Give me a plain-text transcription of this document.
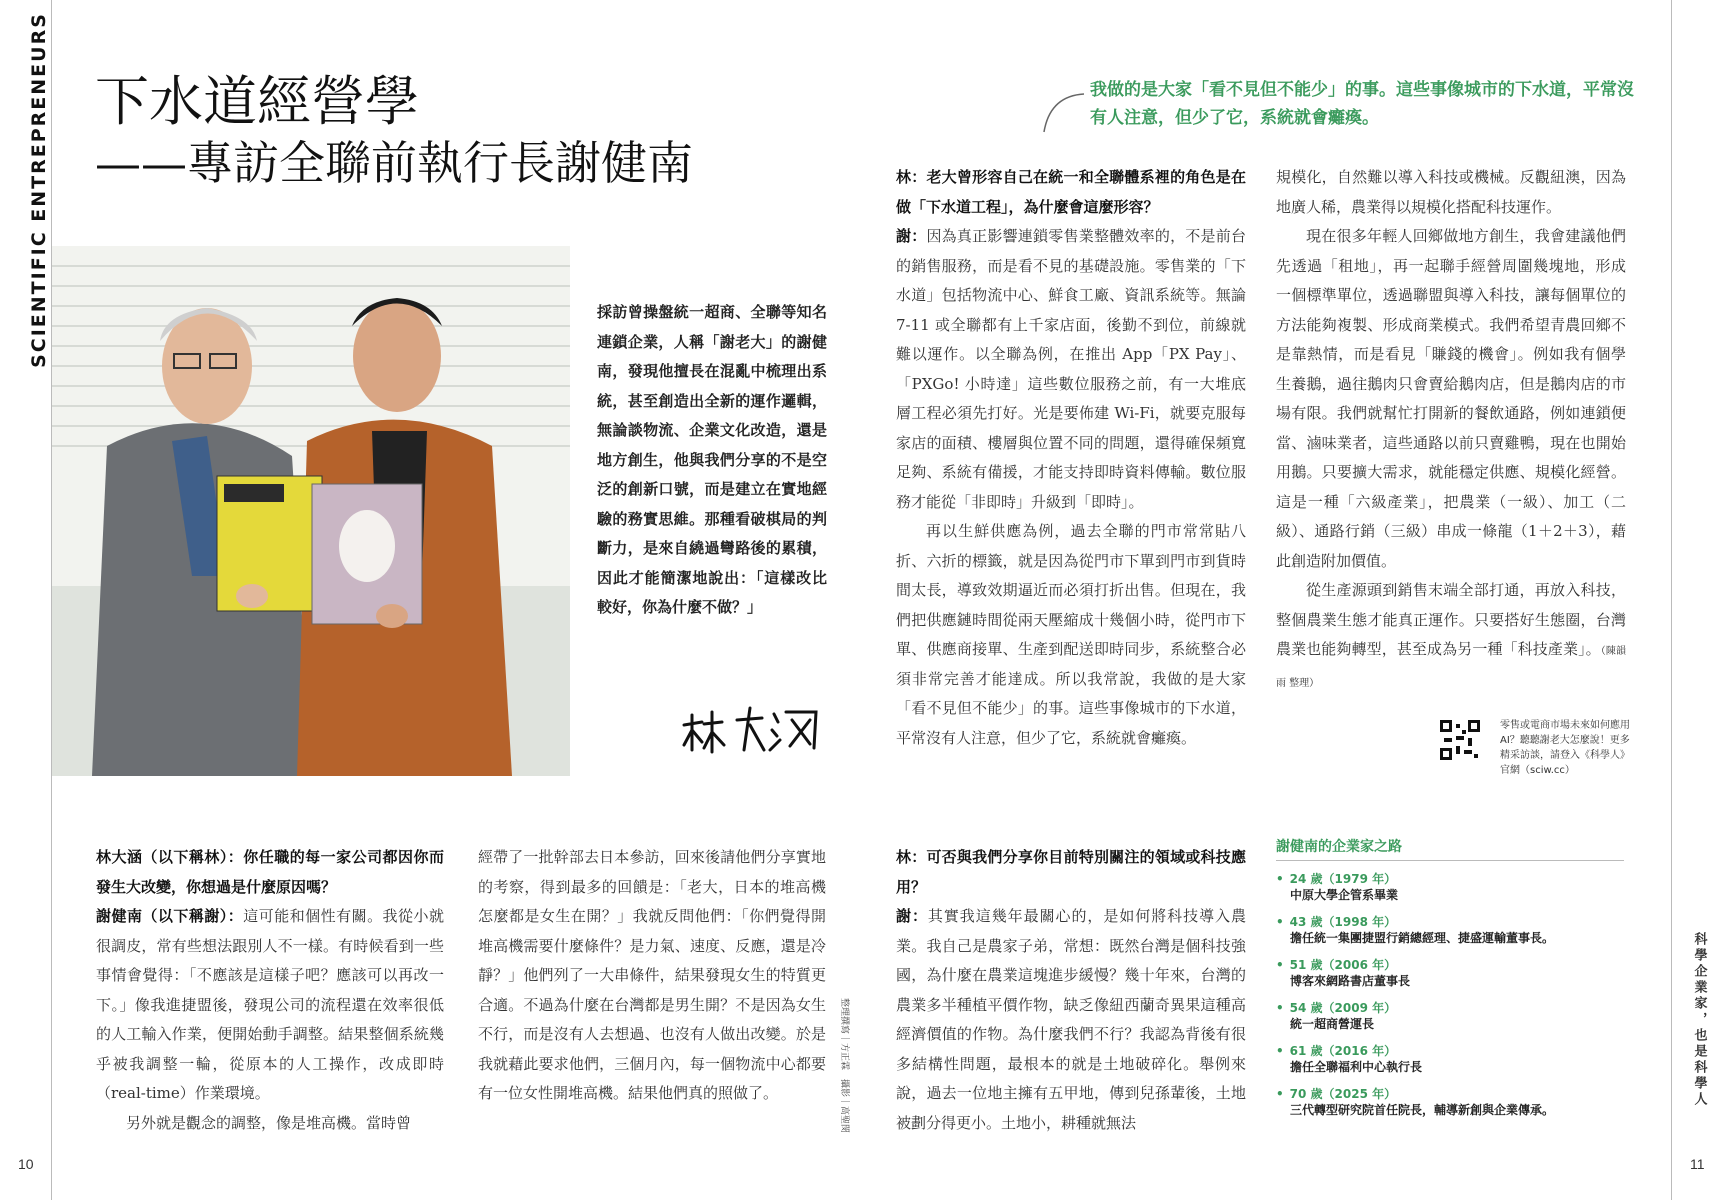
SCIENTIFIC ENTREPRENEURS 下水道經營學
——專訪全聯前執行長謝健南
採訪曾操盤統一超商、全聯等知名連鎖企業，人稱「謝老大」的謝健南，發現他擅長在混亂中梳理出系統，甚至創造出全新的運作邏輯，無論談物流、企業文化改造，還是地方創生，他與我們分享的不是空泛的創新口號，而是建立在實地經驗的務實思維。那種看破棋局的判斷力，是來自繞過彎路後的累積，因此才能簡潔地說出：「這樣改比較好，你為什麼不做？」

林大涵（以下稱林）：你任職的每一家公司都因你而發生大改變，你想過是什麼原因嗎？

謝健南（以下稱謝）：這可能和個性有關。我從小就很調皮，常有些想法跟別人不一樣。有時候看到一些事情會覺得：「不應該是這樣子吧？應該可以再改一下。」像我進捷盟後，發現公司的流程還在效率很低的人工輸入作業，便開始動手調整。結果整個系統幾乎被我調整一輪，從原本的人工操作，改成即時（real-time）作業環境。

另外就是觀念的調整，像是堆高機。當時曾

經帶了一批幹部去日本參訪，回來後請他們分享實地的考察，得到最多的回饋是：「老大，日本的堆高機怎麼都是女生在開？」我就反問他們：「你們覺得開堆高機需要什麼條件？是力氣、速度、反應，還是冷靜？」他們列了一大串條件，結果發現女生的特質更合適。不過為什麼在台灣都是男生開？不是因為女生不行，而是沒有人去想過、也沒有人做出改變。於是我就藉此要求他們，三個月內，每一個物流中心都要有一位女性開堆高機。結果他們真的照做了。	整理撰寫｜方正霖　攝影｜高聖閔
10
我做的是大家「看不見但不能少」的事。這些事像城市的下水道，平常沒有人注意，但少了它，系統就會癱瘓。

林：老大曾形容自己在統一和全聯體系裡的角色是在做「下水道工程」，為什麼會這麼形容？

謝：因為真正影響連鎖零售業整體效率的，不是前台的銷售服務，而是看不見的基礎設施。零售業的「下水道」包括物流中心、鮮食工廠、資訊系統等。無論 7-11 或全聯都有上千家店面，後勤不到位，前線就難以運作。以全聯為例，在推出 App「PX Pay」、「PXGo! 小時達」這些數位服務之前，有一大堆底層工程必須先打好。光是要佈建 Wi-Fi，就要克服每家店的面積、樓層與位置不同的問題，還得確保頻寬足夠、系統有備援，才能支持即時資料傳輸。數位服務才能從「非即時」升級到「即時」。

再以生鮮供應為例，過去全聯的門市常常貼八折、六折的標籤，就是因為從門市下單到門市到貨時間太長，導致效期逼近而必須打折出售。但現在，我們把供應鏈時間從兩天壓縮成十幾個小時，從門市下單、供應商接單、生產到配送即時同步，系統整合必須非常完善才能達成。所以我常說，我做的是大家「看不見但不能少」的事。這些事像城市的下水道，平常沒有人注意，但少了它，系統就會癱瘓。

規模化，自然難以導入科技或機械。反觀紐澳，因為地廣人稀，農業得以規模化搭配科技運作。

現在很多年輕人回鄉做地方創生，我會建議他們先透過「租地」，再一起聯手經營周圍幾塊地，形成一個標準單位，透過聯盟與導入科技，讓每個單位的方法能夠複製、形成商業模式。我們希望青農回鄉不是靠熱情，而是看見「賺錢的機會」。例如我有個學生養鵝，過往鵝肉只會賣給鵝肉店，但是鵝肉店的市場有限。我們就幫忙打開新的餐飲通路，例如連鎖便當、滷味業者，這些通路以前只賣雞鴨，現在也開始用鵝。只要擴大需求，就能穩定供應、規模化經營。這是一種「六級產業」，把農業（一級）、加工（二級）、通路行銷（三級）串成一條龍（1＋2＋3），藉此創造附加價值。

從生產源頭到銷售末端全部打通，再放入科技，整個農業生態才能真正運作。只要搭好生態圈，台灣農業也能夠轉型，甚至成為另一種「科技產業」。（陳韻雨 整理）

零售或電商市場未來如何應用 AI？聽聽謝老大怎麼說！更多精采訪談，請登入《科學人》官網（sciw.cc）

林：可否與我們分享你目前特別關注的領域或科技應用？

謝：其實我這幾年最關心的，是如何將科技導入農業。我自己是農家子弟，常想：既然台灣是個科技強國，為什麼在農業這塊進步緩慢？幾十年來，台灣的農業多半種植平價作物，缺乏像紐西蘭奇異果這種高經濟價值的作物。為什麼我們不行？我認為背後有很多結構性問題，最根本的就是土地破碎化。舉例來說，過去一位地主擁有五甲地，傳到兒孫輩後，土地被劃分得更小。土地小，耕種就無法

謝健南的企業家之路
• 24 歲（1979 年）
中原大學企管系畢業
• 43 歲（1998 年）
擔任統一集團捷盟行銷總經理、捷盛運輸董事長。
• 51 歲（2006 年）
博客來網路書店董事長
• 54 歲（2009 年）
統一超商營運長
• 61 歲（2016 年）
擔任全聯福利中心執行長
• 70 歲（2025 年）
三代轉型研究院首任院長，輔導新創與企業傳承。
科學企業家，也是科學人
11
